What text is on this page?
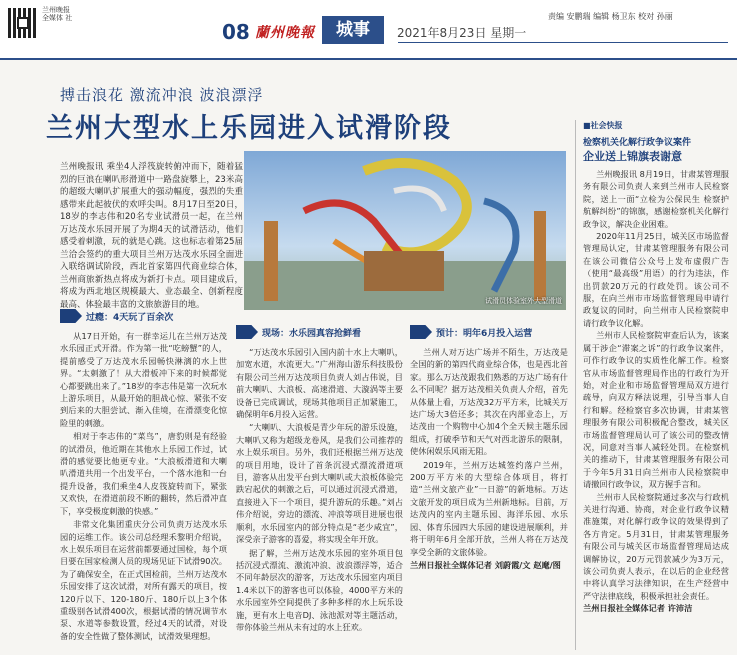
兰州晚报 全媒体 社
08 蘭州晚報	城事	2021年8月23日 星期一
责编 安鹏瑞 编辑 杨卫东 校对 孙丽
搏击浪花 激流冲浪 波浪漂浮
兰州大型水上乐园进入试滑阶段
兰州晚报讯 乘坐4人浮筏旋转俯冲而下，随着猛烈的巨浪在喇叭形滑道中一路盘旋攀上，23米高的超级大喇叭扩展重大的强动幅度，强烈的失重感带来此起彼伏的欢呼尖叫。8月17日至20日，18岁的李志伟和20名专业试滑员一起，在兰州万达茂水乐园开展了为期4天的试滑活动，他们感受着刺激，玩的就是心跳。这也标志着第25届兰洽会签约的重大项目兰州万达茂水乐园全面进入联络调试阶段，西北首家第四代商业综合体，兰州商旅新热点将成为新打卡点。项目建成后，将成为西北地区规模最大、业态最全、创新程度最高、体验最丰富的文旅旅游目的地。	试滑员体验室外大型滑道
过瘾：4天玩了百余次

从17日开始，有一群幸运儿在兰州万达茂水乐园正式开滑。作为第一批“吃螃蟹”的人，提前感受了万达茂水乐园畅快淋漓的水上世界。“太刺激了！从大滑板冲下来的时候都觉心都要跳出来了。”18岁的李志伟是第一次玩水上游乐项目，从最开始的胆战心惊、紧张不安到后来的大胆尝试、渐入佳境，在滑漂变化惊险里的刺激。

相对于李志伟的“菜鸟”，唐豹则是有经验的试滑员，他近期在其他水上乐园工作过，试滑的感觉要比他更专业。“大浪板滑道和大喇叭滑道共用一个出发平台，一个落水池和一台提升设备，我们乘坐4人皮筏旋转而下，紧张又欢快，在滑道前段不断的翻转，然后滑冲直下，享受极度刺激的快感。”

非常文化集团重庆分公司负责万达茂水乐园的运维工作。该公司总经理禾黎明介绍说，水上娱乐项目在运营前都要通过国检，每个项目要在国家检测人员的现场见证下试滑90次。为了确保安全，在正式国检前，兰州万达茂水乐园安排了这次试滑，对所有露天的项目，按120斤以下、120-180斤、180斤以上3个体重级别各试滑400次，根据试滑的情况调节水泵、水道等参数设置，经过4天的试滑，对设备的安全性做了整体测试，试滑效果理想。

现场：水乐园真容抢鲜看

“万达茂水乐园引入国内前十水上大喇叭，加宽水道，水流更大。”广州海山游乐科技股份有限公司兰州万达茂项目负责人刘占伟说，目前大喇叭、大浪板、高速滑道、大漩涡等主要设备已完成调试，现场其他项目正加紧施工，确保明年6月投入运营。

“大喇叭、大浪板是青少年玩的游乐设施，大喇叭又称为超级龙卷风，是我们公司推荐的水上娱乐项目。另外，我们还根据兰州万达茂的项目用地，设计了首条沉浸式漂流滑道项目，游客从出发平台到大喇叭或大浪板体验完跌宕起伏的刺激之后，可以通过沉浸式滑道，直接进入下一个项目，提升游玩的乐趣。”刘占伟介绍说，旁边的漂流、冲浪等项目进展也很顺利，水乐园室内的部分特点是“老少咸宜”，深受亲子游客的喜爱，将实现全年开放。

据了解，兰州万达茂水乐园的室外项目包括沉浸式漂流、激流冲浪、波浪漂浮等，适合不同年龄层次的游客，万达茂水乐园室内项目1.4米以下的游客也可以体验，4000平方米的水乐园室外空间提供了多种多样的水上玩乐设施，更有水上电音DJ、泳池派对等主题活动，带你体验兰州从未有过的水上狂欢。

预计：明年6月投入运营

兰州人对万达广场并不陌生，万达茂是全国的新的第四代商业综合体，也是西北首家。那么万达茂跟我们熟悉的万达广场有什么不同呢？据万达茂相关负责人介绍，首先从体量上看，万达茂32万平方米，比城关万达广场大3倍还多；其次在内部业态上，万达茂由一个购物中心加4个全天候主题乐园组成，打破季节和天气对西北游乐的限制，使休闲娱乐风雨无阻。

2019年，兰州万达城签约落户兰州，200万平方米的大型综合体项目，将打造“兰州文旅产业”一日游”的新地标。万达文旅开发的项目成为兰州新地标。目前，万达茂内的室内主题乐园、海洋乐园、水乐园、体育乐园四大乐园的建设进展顺利，并将于明年6月全部开放，兰州人将在万达茂享受全新的文旅体验。

兰州日报社全媒体记者 刘蔚霞/文 赵麾/图

■社会快报
检察机关化解行政争议案件
企业送上锦旗表谢意

兰州晚报讯 8月19日，甘肃某管理服务有限公司负责人来到兰州市人民检察院，送上一面“立检为公保民生 检察护航解纠纷”的锦旗，感谢检察机关化解行政争议，解决企业困难。

2020年11月25日，城关区市场监督管理局认定，甘肃某管理服务有限公司在该公司微信公众号上发布虚假广告（使用“最高级”用语）的行为违法，作出罚款20万元的行政处罚。该公司不服，在向兰州市市场监督管理局申请行政复议的同时，向兰州市人民检察院申请行政争议化解。

兰州市人民检察院审查后认为，该案属于涉企“滞案之诉”的行政争议案件，可作行政争议的实质性化解工作。检察官从市场监督管理局作出的行政行为开始，对企业和市场监督管理局双方进行疏导，向双方释法说理，引导当事人自行和解。经检察官多次协调，甘肃某管理服务有限公司积极配合整改，城关区市场监督管理局认可了该公司的整改情况，同意对当事人减轻处罚。在检察机关的推动下，甘肃某管理服务有限公司于今年5月31日向兰州市人民检察院申请撤回行政争议，双方握手言和。

兰州市人民检察院通过多次与行政机关进行沟通、协商，对企业行政争议精准施策，对化解行政争议的效果得到了各方肯定。5月31日，甘肃某管理服务有限公司与城关区市场监督管理局达成调解协议，20万元罚款减少为3万元，该公司负责人表示，在以后的企业经营中将认真学习法律知识，在生产经营中严守法律底线，积极承担社会责任。

兰州日报社全媒体记者 许沛洁
